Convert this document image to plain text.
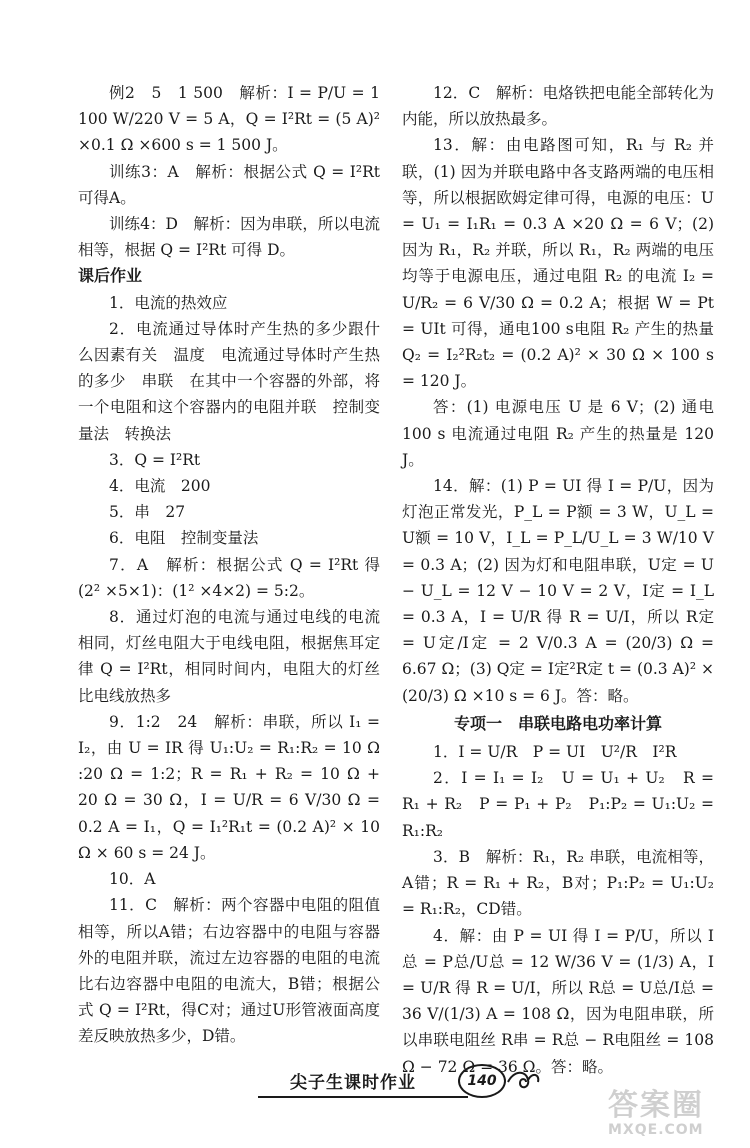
例2　5　1 500　解析：I = P/U = 1 100 W/220 V = 5 A，Q = I²Rt = (5 A)² ×0.1 Ω ×600 s = 1 500 J。

训练3：A　解析：根据公式 Q = I²Rt 可得A。

训练4：D　解析：因为串联，所以电流相等，根据 Q = I²Rt 可得 D。

课后作业

1．电流的热效应

2．电流通过导体时产生热的多少跟什么因素有关　温度　电流通过导体时产生热的多少　串联　在其中一个容器的外部，将一个电阻和这个容器内的电阻并联　控制变量法　转换法

3．Q = I²Rt

4．电流　200

5．串　27

6．电阻　控制变量法

7．A　解析：根据公式 Q = I²Rt 得 (2² ×5×1)：(1² ×4×2) = 5:2。

8．通过灯泡的电流与通过电线的电流相同，灯丝电阻大于电线电阻，根据焦耳定律 Q = I²Rt，相同时间内，电阻大的灯丝比电线放热多

9．1:2　24　解析：串联，所以 I₁ = I₂，由 U = IR 得 U₁:U₂ = R₁:R₂ = 10 Ω :20 Ω = 1:2；R = R₁ + R₂ = 10 Ω + 20 Ω = 30 Ω，I = U/R = 6 V/30 Ω = 0.2 A = I₁，Q = I₁²R₁t = (0.2 A)² × 10 Ω × 60 s = 24 J。

10．A

11．C　解析：两个容器中电阻的阻值相等，所以A错；右边容器中的电阻与容器外的电阻并联，流过左边容器的电阻的电流比右边容器中电阻的电流大，B错；根据公式 Q = I²Rt，得C对；通过U形管液面高度差反映放热多少，D错。

12．C　解析：电烙铁把电能全部转化为内能，所以放热最多。

13．解：由电路图可知，R₁ 与 R₂ 并联，(1) 因为并联电路中各支路两端的电压相等，所以根据欧姆定律可得，电源的电压：U = U₁ = I₁R₁ = 0.3 A ×20 Ω = 6 V；(2) 因为 R₁，R₂ 并联，所以 R₁，R₂ 两端的电压均等于电源电压，通过电阻 R₂ 的电流 I₂ = U/R₂ = 6 V/30 Ω = 0.2 A；根据 W = Pt = UIt 可得，通电100 s电阻 R₂ 产生的热量 Q₂ = I₂²R₂t₂ = (0.2 A)² × 30 Ω × 100 s = 120 J。

答：(1) 电源电压 U 是 6 V；(2) 通电 100 s 电流通过电阻 R₂ 产生的热量是 120 J。

14．解：(1) P = UI 得 I = P/U，因为灯泡正常发光，P_L = P额 = 3 W，U_L = U额 = 10 V，I_L = P_L/U_L = 3 W/10 V = 0.3 A；(2) 因为灯和电阻串联，U定 = U − U_L = 12 V − 10 V = 2 V，I定 = I_L = 0.3 A，I = U/R 得 R = U/I，所以 R定 = U定/I定 = 2 V/0.3 A = (20/3) Ω = 6.67 Ω；(3) Q定 = I定²R定 t = (0.3 A)² × (20/3) Ω ×10 s = 6 J。答：略。

专项一　串联电路电功率计算

1．I = U/R　P = UI　U²/R　I²R

2．I = I₁ = I₂　U = U₁ + U₂　R = R₁ + R₂　P = P₁ + P₂　P₁:P₂ = U₁:U₂ = R₁:R₂

3．B　解析：R₁，R₂ 串联，电流相等，A错；R = R₁ + R₂，B对；P₁:P₂ = U₁:U₂ = R₁:R₂，CD错。

4．解：由 P = UI 得 I = P/U，所以 I总 = P总/U总 = 12 W/36 V = (1/3) A，I = U/R 得 R = U/I，所以 R总 = U总/I总 = 36 V/(1/3) A = 108 Ω，因为电阻串联，所以串联电阻丝 R串 = R总 − R电阻丝 = 108 Ω − 72 Ω = 36 Ω。答：略。

尖子生课时作业	140
答案圈
MXQE.COM
